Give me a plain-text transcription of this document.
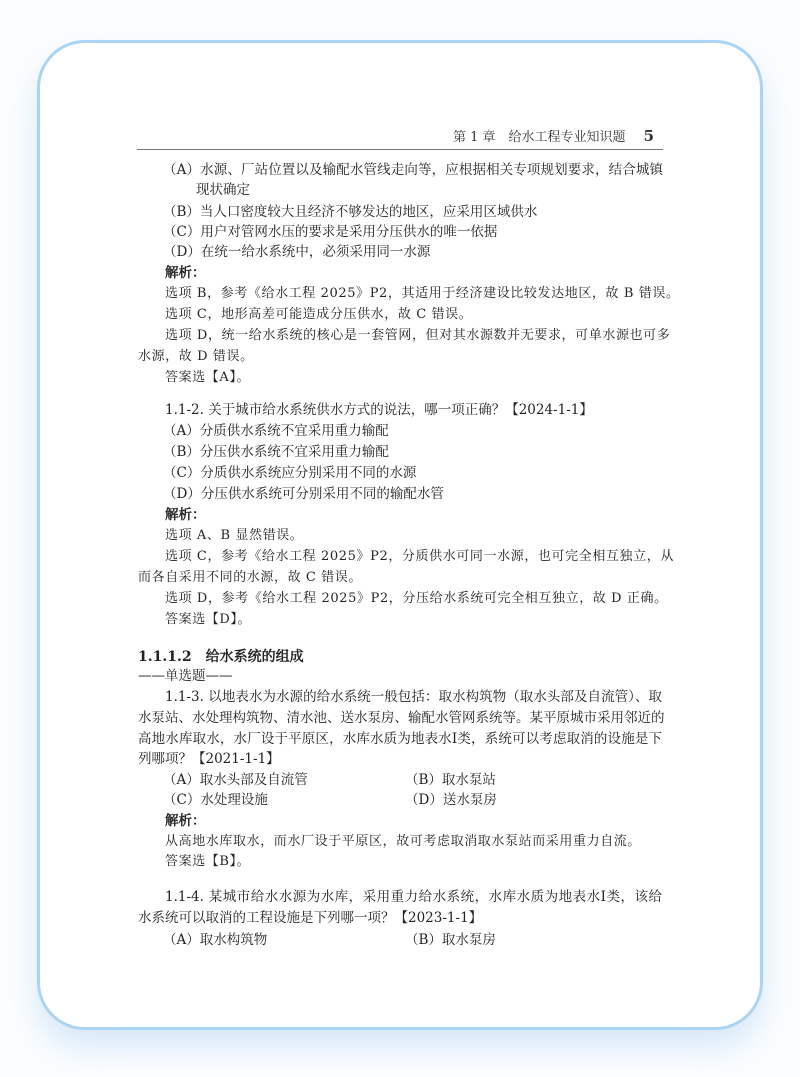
第 1 章　给水工程专业知识题 5
（A）水源、厂站位置以及输配水管线走向等，应根据相关专项规划要求，结合城镇
现状确定
（B）当人口密度较大且经济不够发达的地区，应采用区域供水
（C）用户对管网水压的要求是采用分压供水的唯一依据
（D）在统一给水系统中，必须采用同一水源
解析：
选项 B，参考《给水工程 2025》P2，其适用于经济建设比较发达地区，故 B 错误。
选项 C，地形高差可能造成分压供水，故 C 错误。
选项 D，统一给水系统的核心是一套管网，但对其水源数并无要求，可单水源也可多
水源，故 D 错误。
答案选【A】。
1.1-2. 关于城市给水系统供水方式的说法，哪一项正确？【2024-1-1】
（A）分质供水系统不宜采用重力输配
（B）分压供水系统不宜采用重力输配
（C）分质供水系统应分别采用不同的水源
（D）分压供水系统可分别采用不同的输配水管
解析：
选项 A、B 显然错误。
选项 C，参考《给水工程 2025》P2，分质供水可同一水源，也可完全相互独立，从
而各自采用不同的水源，故 C 错误。
选项 D，参考《给水工程 2025》P2，分压给水系统可完全相互独立，故 D 正确。
答案选【D】。
1.1.1.2　给水系统的组成
——单选题——
1.1-3. 以地表水为水源的给水系统一般包括：取水构筑物（取水头部及自流管）、取
水泵站、水处理构筑物、清水池、送水泵房、输配水管网系统等。某平原城市采用邻近的
高地水库取水，水厂设于平原区，水库水质为地表水Ⅰ类，系统可以考虑取消的设施是下
列哪项？【2021-1-1】
（A）取水头部及自流管	（B）取水泵站
（C）水处理设施	（D）送水泵房
解析：
从高地水库取水，而水厂设于平原区，故可考虑取消取水泵站而采用重力自流。
答案选【B】。
1.1-4. 某城市给水水源为水库，采用重力给水系统，水库水质为地表水Ⅰ类，该给
水系统可以取消的工程设施是下列哪一项？【2023-1-1】
（A）取水构筑物	（B）取水泵房
